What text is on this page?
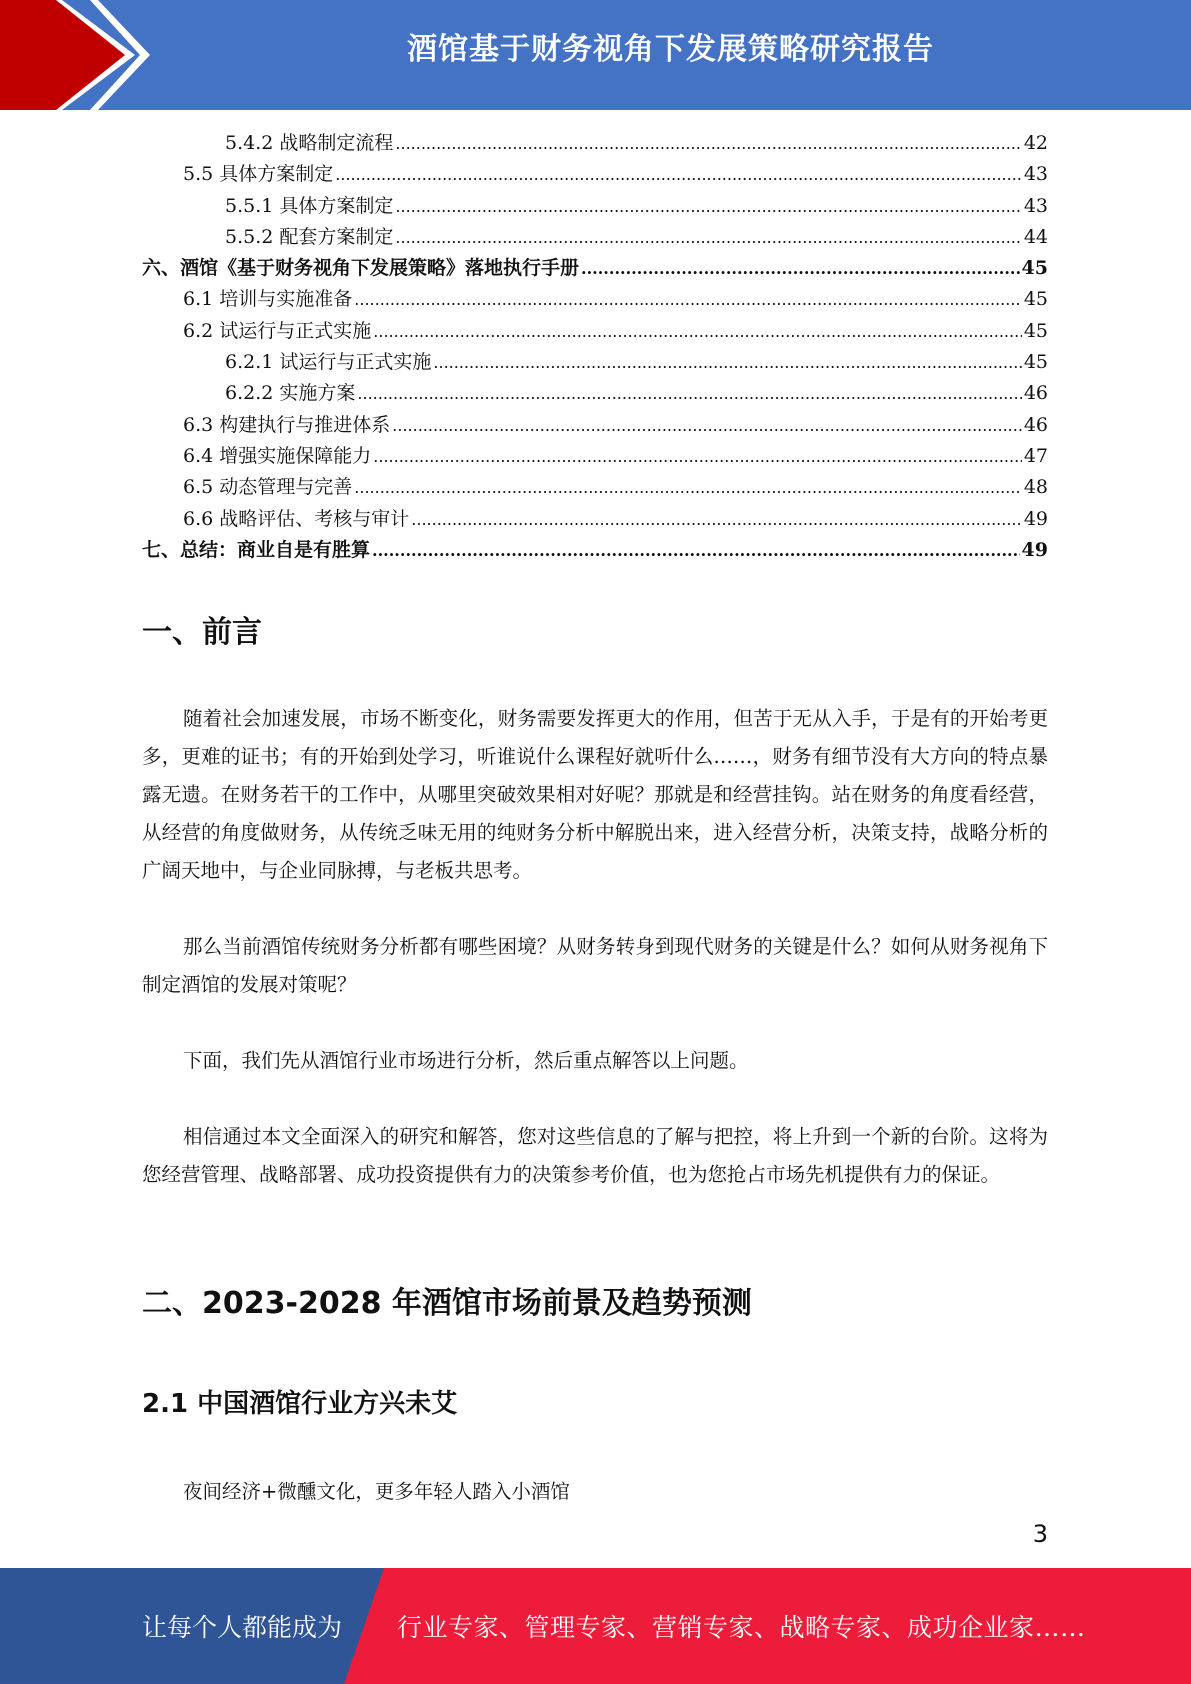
酒馆基于财务视角下发展策略研究报告
5.4.2 战略制定流程 .....	42
5.5 具体方案制定 .....	43
5.5.1 具体方案制定 .....	43
5.5.2 配套方案制定 .....	44
六、酒馆《基于财务视角下发展策略》落地执行手册 .....	45
6.1 培训与实施准备 .....	45
6.2 试运行与正式实施 .....	45
6.2.1 试运行与正式实施 .....	45
6.2.2 实施方案 .....	46
6.3 构建执行与推进体系 .....	46
6.4 增强实施保障能力 .....	47
6.5 动态管理与完善 .....	48
6.6 战略评估、考核与审计 .....	49
七、总结：商业自是有胜算 .....	49
一、前言
随着社会加速发展，市场不断变化，财务需要发挥更大的作用，但苦于无从入手，于是有的开始考更多，更难的证书；有的开始到处学习，听谁说什么课程好就听什么……，财务有细节没有大方向的特点暴露无遗。在财务若干的工作中，从哪里突破效果相对好呢？那就是和经营挂钩。站在财务的角度看经营，从经营的角度做财务，从传统乏味无用的纯财务分析中解脱出来，进入经营分析，决策支持，战略分析的广阔天地中，与企业同脉搏，与老板共思考。
那么当前酒馆传统财务分析都有哪些困境？从财务转身到现代财务的关键是什么？如何从财务视角下制定酒馆的发展对策呢？
下面，我们先从酒馆行业市场进行分析，然后重点解答以上问题。
相信通过本文全面深入的研究和解答，您对这些信息的了解与把控，将上升到一个新的台阶。这将为您经营管理、战略部署、成功投资提供有力的决策参考价值，也为您抢占市场先机提供有力的保证。
二、2023-2028 年酒馆市场前景及趋势预测
2.1 中国酒馆行业方兴未艾
夜间经济+微醺文化，更多年轻人踏入小酒馆
3
让每个人都能成为 行业专家、管理专家、营销专家、战略专家、成功企业家……
